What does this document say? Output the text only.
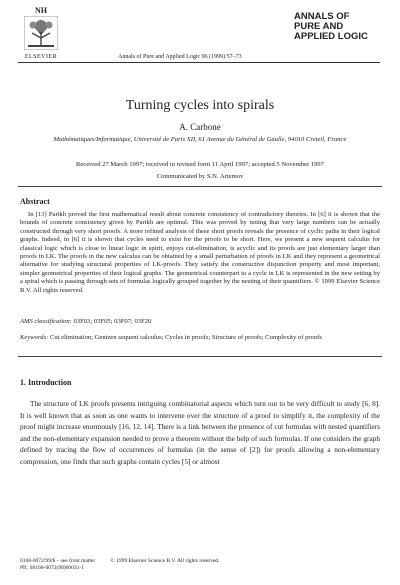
NH
ELSEVIER	Annals of Pure and Applied Logic 96 (1999) 57–73
ANNALS OF
PURE AND
APPLIED LOGIC
Turning cycles into spirals
A. Carbone
Mathématiques/Informatique, Université de Paris XII, 61 Avenue du Général de Gaulle, 94010 Creteil, France
Received 27 March 1997; received in revised form 11 April 1997; accepted 5 November 1997
Communicated by S.N. Artemov
Abstract
In [13] Parikh proved the first mathematical result about concrete consistency of contradictory theories. In [6] it is shown that the bounds of concrete consistency given by Parikh are optimal. This was proved by noting that very large numbers can be actually constructed through very short proofs. A more refined analysis of these short proofs reveals the presence of cyclic paths in their logical graphs. Indeed, in [6] it is shown that cycles need to exist for the proofs to be short. Here, we present a new sequent calculus for classical logic which is close to linear logic in spirit, enjoys cut-elimination, is acyclic and its proofs are just elementary larger than proofs in LK. The proofs in the new calculus can be obtained by a small perturbation of proofs in LK and they represent a geometrical alternative for studying structural properties of LK-proofs. They satisfy the constructive disjunction property and most important, simpler geometrical properties of their logical graphs. The geometrical counterpart to a cycle in LK is represented in the new setting by a spiral which is passing through sets of formulas logically grouped together by the nesting of their quantifiers. © 1999 Elsevier Science B.V. All rights reserved.
AMS classification: 03F03; 03F05; 03F07; 03F20
Keywords: Cut elimination; Gentzen sequent calculus; Cycles in proofs; Structure of proofs; Complexity of proofs
1. Introduction
The structure of LK proofs presents intriguing combinatorial aspects which turn out to be very difficult to study [6, 8]. It is well known that as soon as one wants to intervene over the structure of a proof to simplify it, the complexity of the proof might increase enormously [16, 12, 14]. There is a link between the presence of cut formulas with nested quantifiers and the non-elementary expansion needed to prove a theorem without the help of such formulas. If one considers the graph defined by tracing the flow of occurrences of formulas (in the sense of [2]) for proofs allowing a non-elementary compression, one finds that such graphs contain cycles [5] or almost
0168-0072/99/$ – see front matter	© 1999 Elsevier Science B.V. All rights reserved.
PII: S0168-0072(98)00031-1
